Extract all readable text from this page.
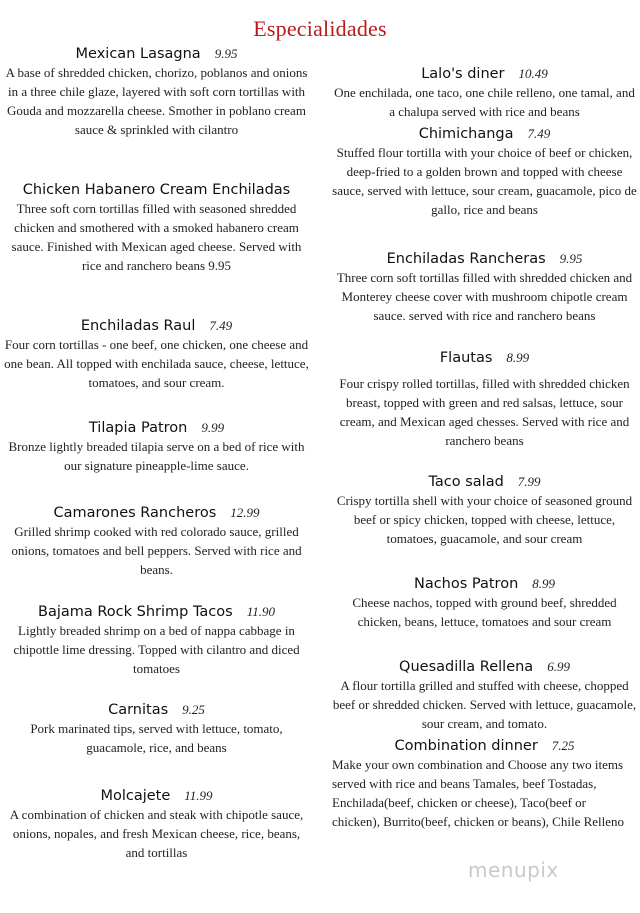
Especialidades
Mexican Lasagna 9.95
A base of shredded chicken, chorizo, poblanos and onions in a three chile glaze, layered with soft corn tortillas with Gouda and mozzarella cheese. Smother in poblano cream sauce & sprinkled with cilantro
Chicken Habanero Cream Enchiladas
Three soft corn tortillas filled with seasoned shredded chicken and smothered with a smoked habanero cream sauce. Finished with Mexican aged cheese. Served with rice and ranchero beans 9.95
Enchiladas Raul 7.49
Four corn tortillas - one beef, one chicken, one cheese and one bean. All topped with enchilada sauce, cheese, lettuce, tomatoes, and sour cream.
Tilapia Patron 9.99
Bronze lightly breaded tilapia serve on a bed of rice with our signature pineapple-lime sauce.
Camarones Rancheros 12.99
Grilled shrimp cooked with red colorado sauce, grilled onions, tomatoes and bell peppers. Served with rice and beans.
Bajama Rock Shrimp Tacos 11.90
Lightly breaded shrimp on a bed of nappa cabbage in chipottle lime dressing. Topped with cilantro and diced tomatoes
Carnitas 9.25
Pork marinated tips, served with lettuce, tomato, guacamole, rice, and beans
Molcajete 11.99
A combination of chicken and steak with chipotle sauce, onions, nopales, and fresh Mexican cheese, rice, beans, and tortillas
Lalo's diner 10.49
One enchilada, one taco, one chile relleno, one tamal, and a chalupa served with rice and beans
Chimichanga 7.49
Stuffed flour tortilla with your choice of beef or chicken, deep-fried to a golden brown and topped with cheese sauce, served with lettuce, sour cream, guacamole, pico de gallo, rice and beans
Enchiladas Rancheras 9.95
Three corn soft tortillas filled with shredded chicken and Monterey cheese cover with mushroom chipotle cream sauce. served with rice and ranchero beans
Flautas 8.99
Four crispy rolled tortillas, filled with shredded chicken breast, topped with green and red salsas, lettuce, sour cream, and Mexican aged chesses. Served with rice and ranchero beans
Taco salad 7.99
Crispy tortilla shell with your choice of seasoned ground beef or spicy chicken, topped with cheese, lettuce, tomatoes, guacamole, and sour cream
Nachos Patron 8.99
Cheese nachos, topped with ground beef, shredded chicken, beans, lettuce, tomatoes and sour cream
Quesadilla Rellena 6.99
A flour tortilla grilled and stuffed with cheese, chopped beef or shredded chicken. Served with lettuce, guacamole, sour cream, and tomato.
Combination dinner 7.25
Make your own combination and Choose any two items served with rice and beans Tamales, beef Tostadas, Enchilada(beef, chicken or cheese), Taco(beef or chicken), Burrito(beef, chicken or beans), Chile Relleno
menupix
